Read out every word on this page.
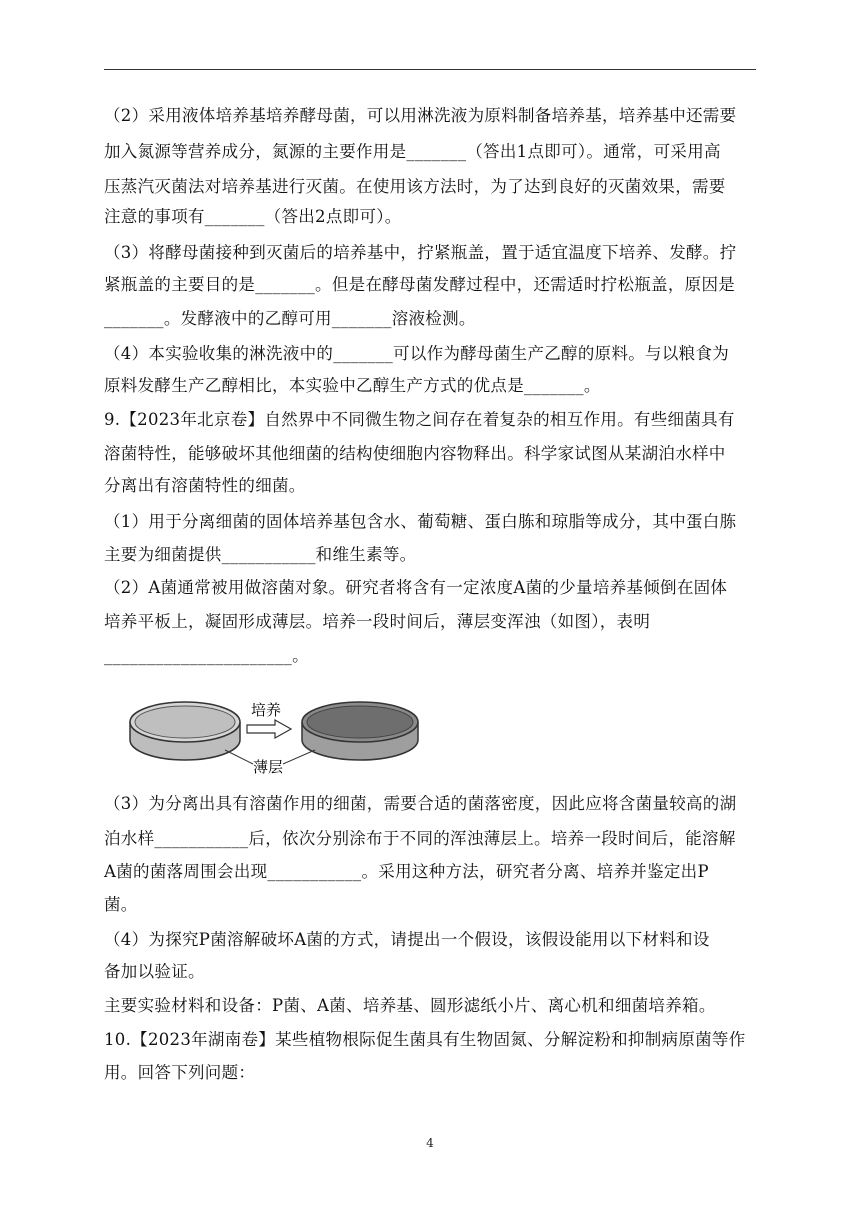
（2）采用液体培养基培养酵母菌，可以用淋洗液为原料制备培养基，培养基中还需要
加入氮源等营养成分，氮源的主要作用是_______（答出1点即可）。通常，可采用高
压蒸汽灭菌法对培养基进行灭菌。在使用该方法时，为了达到良好的灭菌效果，需要
注意的事项有_______（答出2点即可）。
（3）将酵母菌接种到灭菌后的培养基中，拧紧瓶盖，置于适宜温度下培养、发酵。拧
紧瓶盖的主要目的是_______。但是在酵母菌发酵过程中，还需适时拧松瓶盖，原因是
_______。发酵液中的乙醇可用_______溶液检测。
（4）本实验收集的淋洗液中的_______可以作为酵母菌生产乙醇的原料。与以粮食为
原料发酵生产乙醇相比，本实验中乙醇生产方式的优点是_______。
9.【2023年北京卷】自然界中不同微生物之间存在着复杂的相互作用。有些细菌具有
溶菌特性，能够破坏其他细菌的结构使细胞内容物释出。科学家试图从某湖泊水样中
分离出有溶菌特性的细菌。
（1）用于分离细菌的固体培养基包含水、葡萄糖、蛋白胨和琼脂等成分，其中蛋白胨
主要为细菌提供___________和维生素等。
（2）A菌通常被用做溶菌对象。研究者将含有一定浓度A菌的少量培养基倾倒在固体
培养平板上，凝固形成薄层。培养一段时间后，薄层变浑浊（如图），表明
______________________。
培养
薄层
（3）为分离出具有溶菌作用的细菌，需要合适的菌落密度，因此应将含菌量较高的湖
泊水样___________后，依次分别涂布于不同的浑浊薄层上。培养一段时间后，能溶解
A菌的菌落周围会出现___________。采用这种方法，研究者分离、培养并鉴定出P
菌。
（4）为探究P菌溶解破坏A菌的方式，请提出一个假设，该假设能用以下材料和设
备加以验证。
主要实验材料和设备：P菌、A菌、培养基、圆形滤纸小片、离心机和细菌培养箱。
10.【2023年湖南卷】某些植物根际促生菌具有生物固氮、分解淀粉和抑制病原菌等作
用。回答下列问题：
4
